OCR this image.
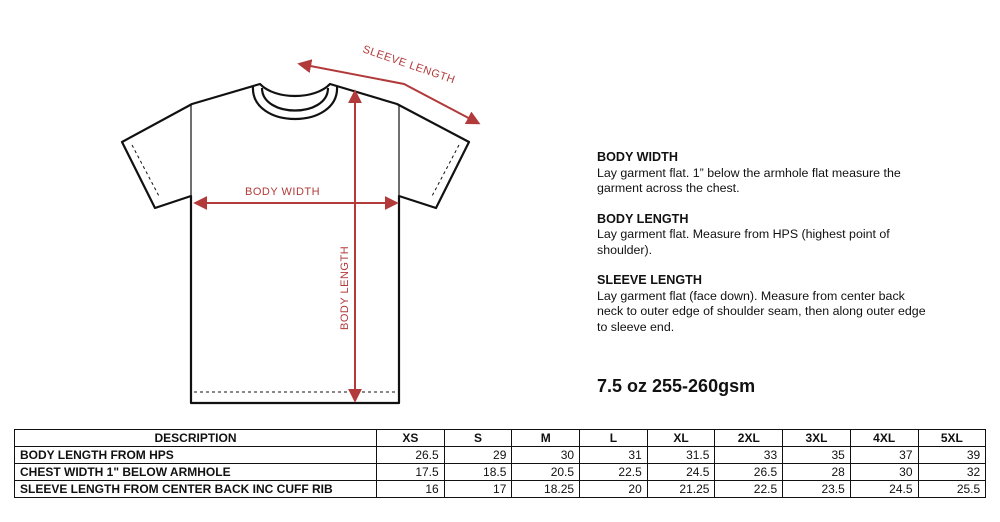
SLEEVE LENGTH
BODY WIDTH
BODY LENGTH
BODY WIDTH

Lay garment flat. 1” below the armhole flat measure the garment across the chest.

BODY LENGTH

Lay garment flat. Measure from HPS (highest point of shoulder).

SLEEVE LENGTH

Lay garment flat (face down). Measure from center back neck to outer edge of shoulder seam, then along outer edge to sleeve end.

7.5 oz 255-260gsm
DESCRIPTION	XS	S	M	L	XL	2XL	3XL	4XL	5XL
BODY LENGTH FROM HPS	26.5	29	30	31	31.5	33	35	37	39
CHEST WIDTH 1" BELOW ARMHOLE	17.5	18.5	20.5	22.5	24.5	26.5	28	30	32
SLEEVE LENGTH FROM CENTER BACK INC CUFF RIB	16	17	18.25	20	21.25	22.5	23.5	24.5	25.5
